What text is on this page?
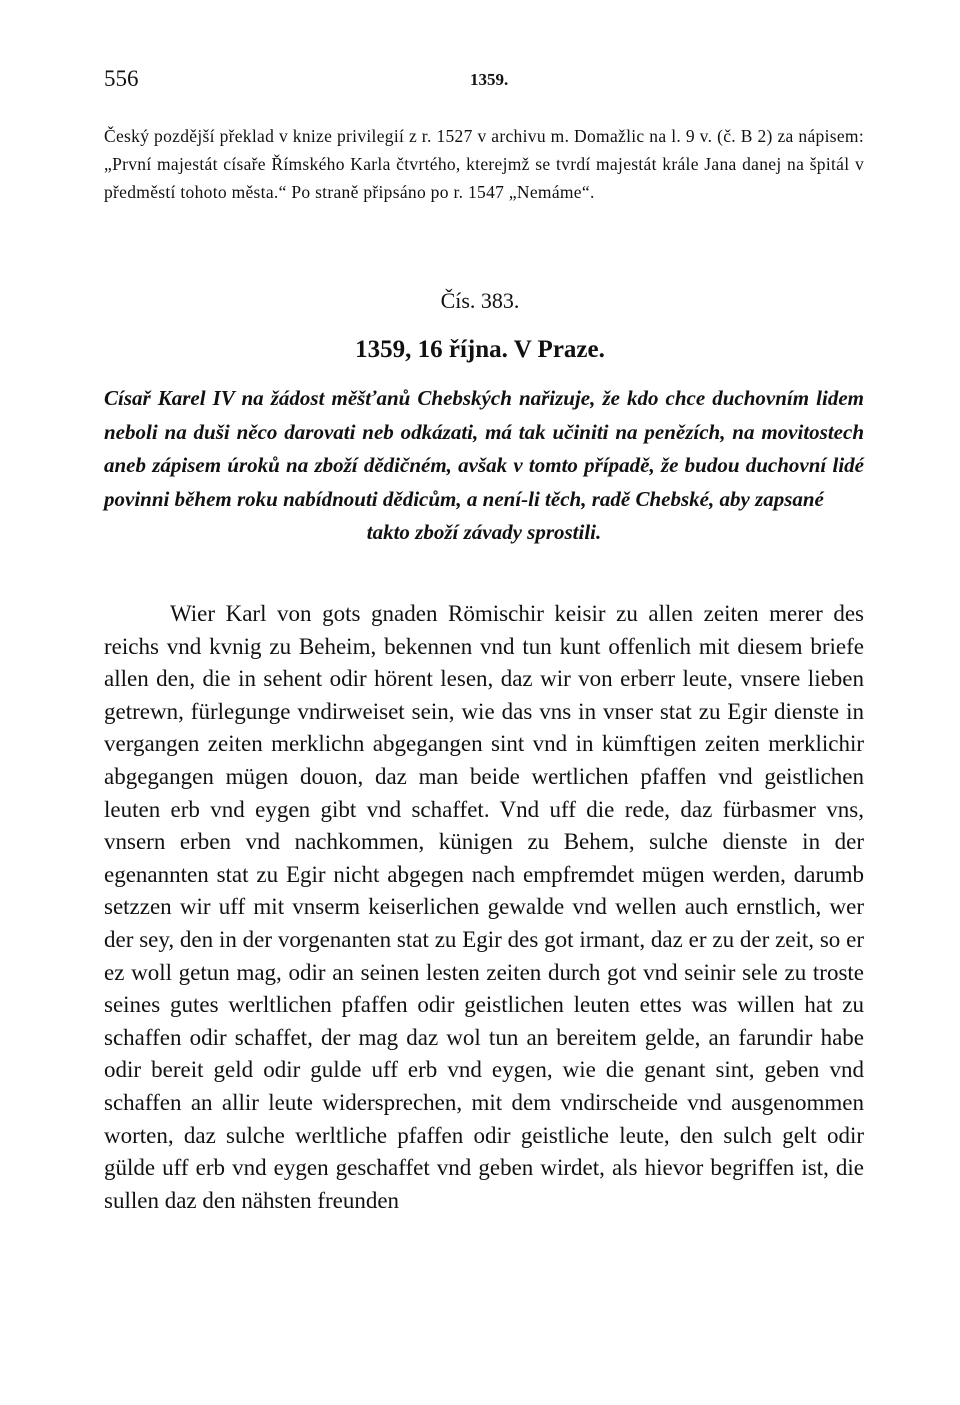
556	1359.
Český pozdější překlad v knize privilegií z r. 1527 v archivu m. Domažlic na l. 9 v. (č. B 2) za nápisem: „První majestát císaře Římského Karla čtvrtého, kterejmž se tvrdí majestát krále Jana danej na špitál v předměstí tohoto města.“ Po straně připsáno po r. 1547 „Nemáme“.
Čís. 383.
1359, 16 října. V Praze.
Císař Karel IV na žádost měšťanů Chebských nařizuje, že kdo chce duchovním lidem neboli na duši něco darovati neb odkázati, má tak učiniti na penězích, na movitostech aneb zápisem úroků na zboží dědičném, avšak v tomto případě, že budou duchovní lidé povinni během roku nabídnouti dědicům, a není-li těch, radě Chebské, aby zapsané
takto zboží závady sprostili.

Wier Karl von gots gnaden Römischir keisir zu allen zeiten merer des reichs vnd kvnig zu Beheim, bekennen vnd tun kunt offenlich mit diesem briefe allen den, die in sehent odir hörent lesen, daz wir von erberr leute, vnsere lieben getrewn, fürlegunge vndirweiset sein, wie das vns in vnser stat zu Egir dienste in vergangen zeiten merklichn abgegangen sint vnd in kümftigen zeiten merklichir abgegangen mügen douon, daz man beide wertlichen pfaffen vnd geistlichen leuten erb vnd eygen gibt vnd schaffet. Vnd uff die rede, daz fürbasmer vns, vnsern erben vnd nachkommen, künigen zu Behem, sulche dienste in der egenannten stat zu Egir nicht abgegen nach empfremdet mügen werden, darumb setzzen wir uff mit vnserm keiserlichen gewalde vnd wellen auch ernstlich, wer der sey, den in der vorgenanten stat zu Egir des got irmant, daz er zu der zeit, so er ez woll getun mag, odir an seinen lesten zeiten durch got vnd seinir sele zu troste seines gutes werltlichen pfaffen odir geistlichen leuten ettes was willen hat zu schaffen odir schaffet, der mag daz wol tun an bereitem gelde, an farundir habe odir bereit geld odir gulde uff erb vnd eygen, wie die genant sint, geben vnd schaffen an allir leute widersprechen, mit dem vndirscheide vnd ausgenommen worten, daz sulche werltliche pfaffen odir geistliche leute, den sulch gelt odir gülde uff erb vnd eygen geschaffet vnd geben wirdet, als hievor begriffen ist, die sullen daz den nähsten freunden
